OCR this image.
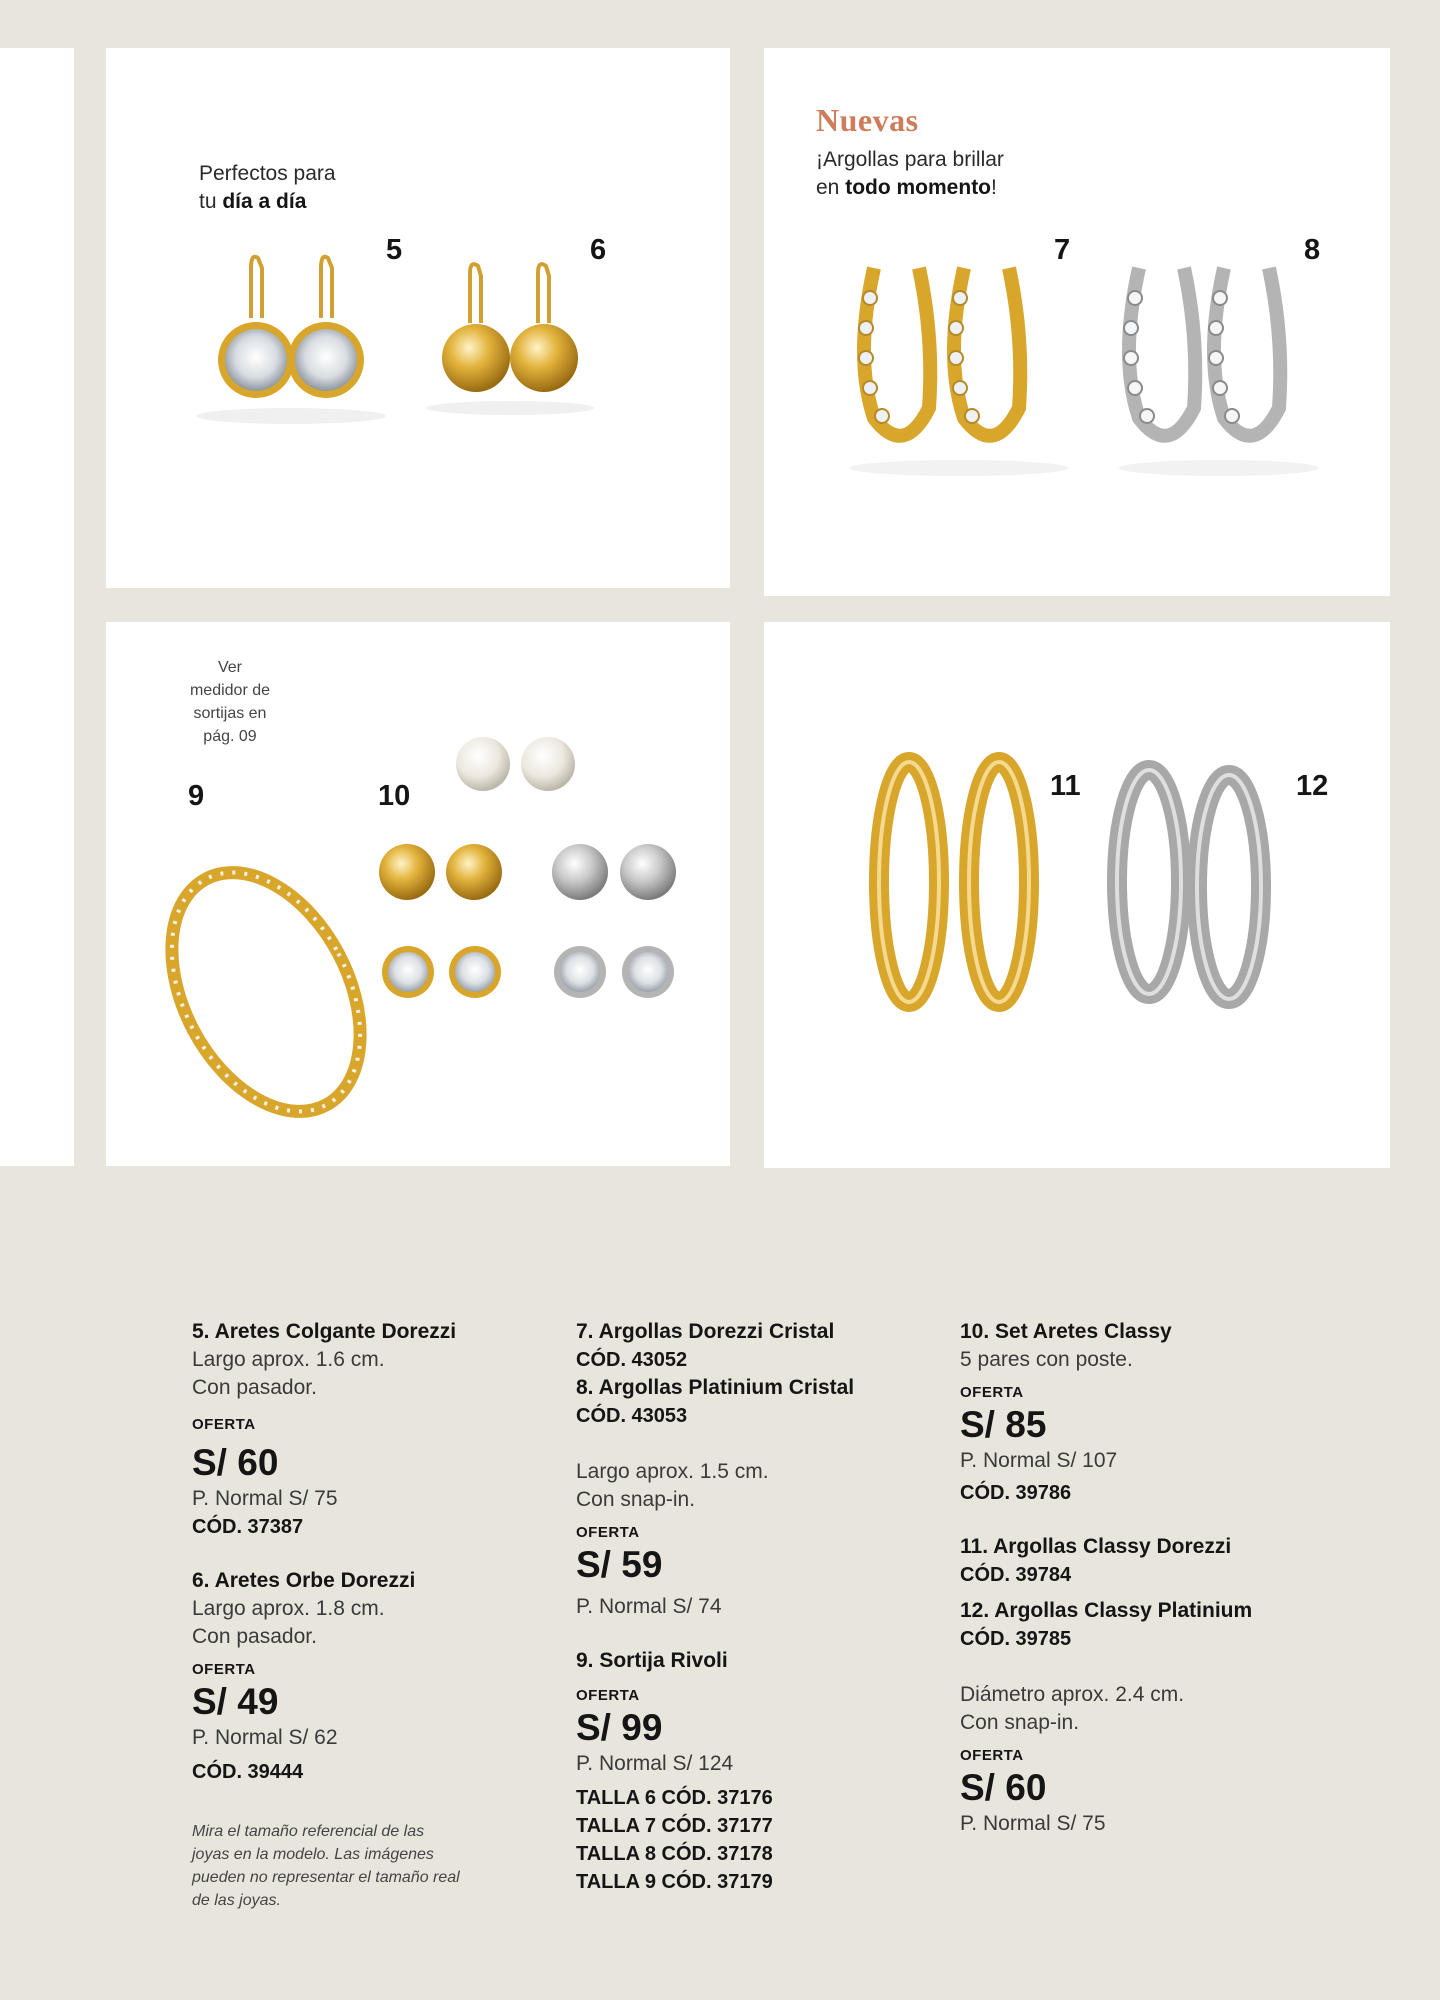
Perfectos para
tu día a día
5	6
Nuevas
¡Argollas para brillar
en todo momento!
7	8
Ver
medidor de
sortijas en
pág. 09
9	10	11	12

5. Aretes Colgante Dorezzi

Largo aprox. 1.6 cm.

Con pasador.

OFERTA

S/ 60

P. Normal S/ 75

CÓD. 37387

6. Aretes Orbe Dorezzi

Largo aprox. 1.8 cm.

Con pasador.

OFERTA

S/ 49

P. Normal S/ 62

CÓD. 39444

Mira el tamaño referencial de las

joyas en la modelo. Las imágenes

pueden no representar el tamaño real

de las joyas.

7. Argollas Dorezzi Cristal

CÓD. 43052

8. Argollas Platinium Cristal

CÓD. 43053

Largo aprox. 1.5 cm.

Con snap-in.

OFERTA

S/ 59

P. Normal S/ 74

9. Sortija Rivoli

OFERTA

S/ 99

P. Normal S/ 124

TALLA 6 CÓD. 37176

TALLA 7 CÓD. 37177

TALLA 8 CÓD. 37178

TALLA 9 CÓD. 37179

10. Set Aretes Classy

5 pares con poste.

OFERTA

S/ 85

P. Normal S/ 107

CÓD. 39786

11. Argollas Classy Dorezzi

CÓD. 39784

12. Argollas Classy Platinium

CÓD. 39785

Diámetro aprox. 2.4 cm.

Con snap-in.

OFERTA

S/ 60

P. Normal S/ 75
